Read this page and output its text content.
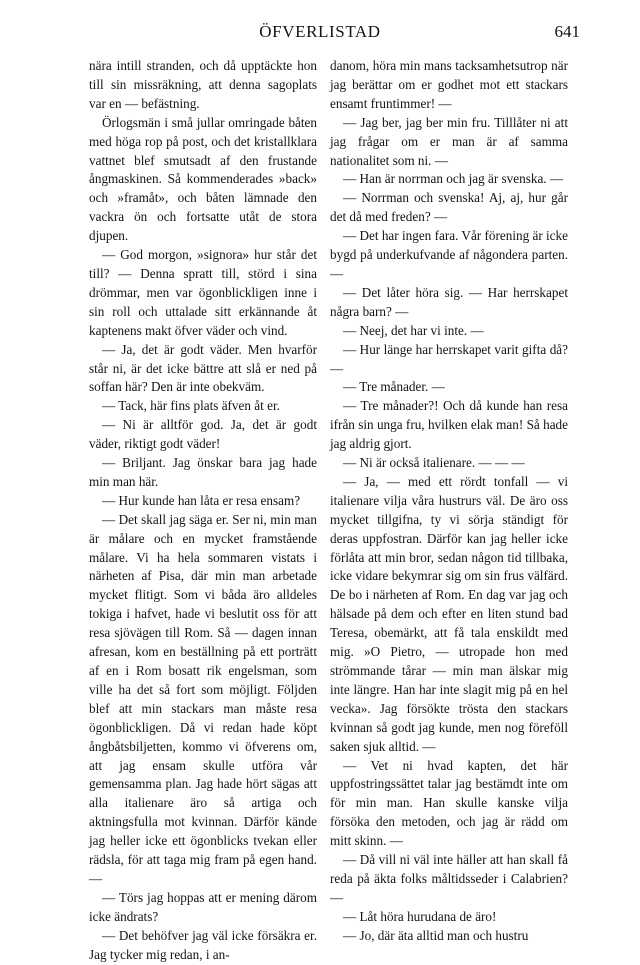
ÖFVERLISTAD	641

nära intill stranden, och då upptäckte hon till sin missräkning, att denna sagoplats var en — befästning.

Örlogsmän i små jullar omringade båten med höga rop på post, och det kristallklara vattnet blef smutsadt af den frustande ångmaskinen. Så kommenderades »back» och »framåt», och båten lämnade den vackra ön och fortsatte utåt de stora djupen.

— God morgon, »signora» hur står det till? — Denna spratt till, störd i sina drömmar, men var ögonblickligen inne i sin roll och uttalade sitt erkännande åt kaptenens makt öfver väder och vind.

— Ja, det är godt väder. Men hvarför står ni, är det icke bättre att slå er ned på soffan här? Den är inte obekväm.

— Tack, här fins plats äfven åt er.

— Ni är alltför god. Ja, det är godt väder, riktigt godt väder!

— Briljant. Jag önskar bara jag hade min man här.

— Hur kunde han låta er resa ensam?

— Det skall jag säga er. Ser ni, min man är målare och en mycket framstående målare. Vi ha hela sommaren vistats i närheten af Pisa, där min man arbetade mycket flitigt. Som vi båda äro alldeles tokiga i hafvet, hade vi beslutit oss för att resa sjövägen till Rom. Så — dagen innan afresan, kom en beställning på ett porträtt af en i Rom bosatt rik engelsman, som ville ha det så fort som möjligt. Följden blef att min stackars man måste resa ögonblickligen. Då vi redan hade köpt ångbåtsbiljetten, kommo vi öfverens om, att jag ensam skulle utföra vår gemensamma plan. Jag hade hört sägas att alla italienare äro så artiga och aktningsfulla mot kvinnan. Därför kände jag heller icke ett ögonblicks tvekan eller rädsla, för att taga mig fram på egen hand. —

— Törs jag hoppas att er mening därom icke ändrats?

— Det behöfver jag väl icke försäkra er. Jag tycker mig redan, i an-

danom, höra min mans tacksamhetsutrop när jag berättar om er godhet mot ett stackars ensamt fruntimmer! —

— Jag ber, jag ber min fru. Tilllåter ni att jag frågar om er man är af samma nationalitet som ni. —

— Han är norrman och jag är svenska. —

— Norrman och svenska! Aj, aj, hur går det då med freden? —

— Det har ingen fara. Vår förening är icke bygd på underkufvande af någondera parten. —

— Det låter höra sig. — Har herrskapet några barn? —

— Neej, det har vi inte. —

— Hur länge har herrskapet varit gifta då? —

— Tre månader. —

— Tre månader?! Och då kunde han resa ifrån sin unga fru, hvilken elak man! Så hade jag aldrig gjort.

— Ni är också italienare. — — —

— Ja, — med ett rördt tonfall — vi italienare vilja våra hustrurs väl. De äro oss mycket tillgifna, ty vi sörja ständigt för deras uppfostran. Därför kan jag heller icke förlåta att min bror, sedan någon tid tillbaka, icke vidare bekymrar sig om sin frus välfärd. De bo i närheten af Rom. En dag var jag och hälsade på dem och efter en liten stund bad Teresa, obemärkt, att få tala enskildt med mig. »O Pietro, — utropade hon med strömmande tårar — min man älskar mig inte längre. Han har inte slagit mig på en hel vecka». Jag försökte trösta den stackars kvinnan så godt jag kunde, men nog föreföll saken sjuk alltid. —

— Vet ni hvad kapten, det här uppfostringssättet talar jag bestämdt inte om för min man. Han skulle kanske vilja försöka den metoden, och jag är rädd om mitt skinn. —

— Då vill ni väl inte häller att han skall få reda på äkta folks måltidsseder i Calabrien? —

— Låt höra hurudana de äro!

— Jo, där äta alltid man och hustru
